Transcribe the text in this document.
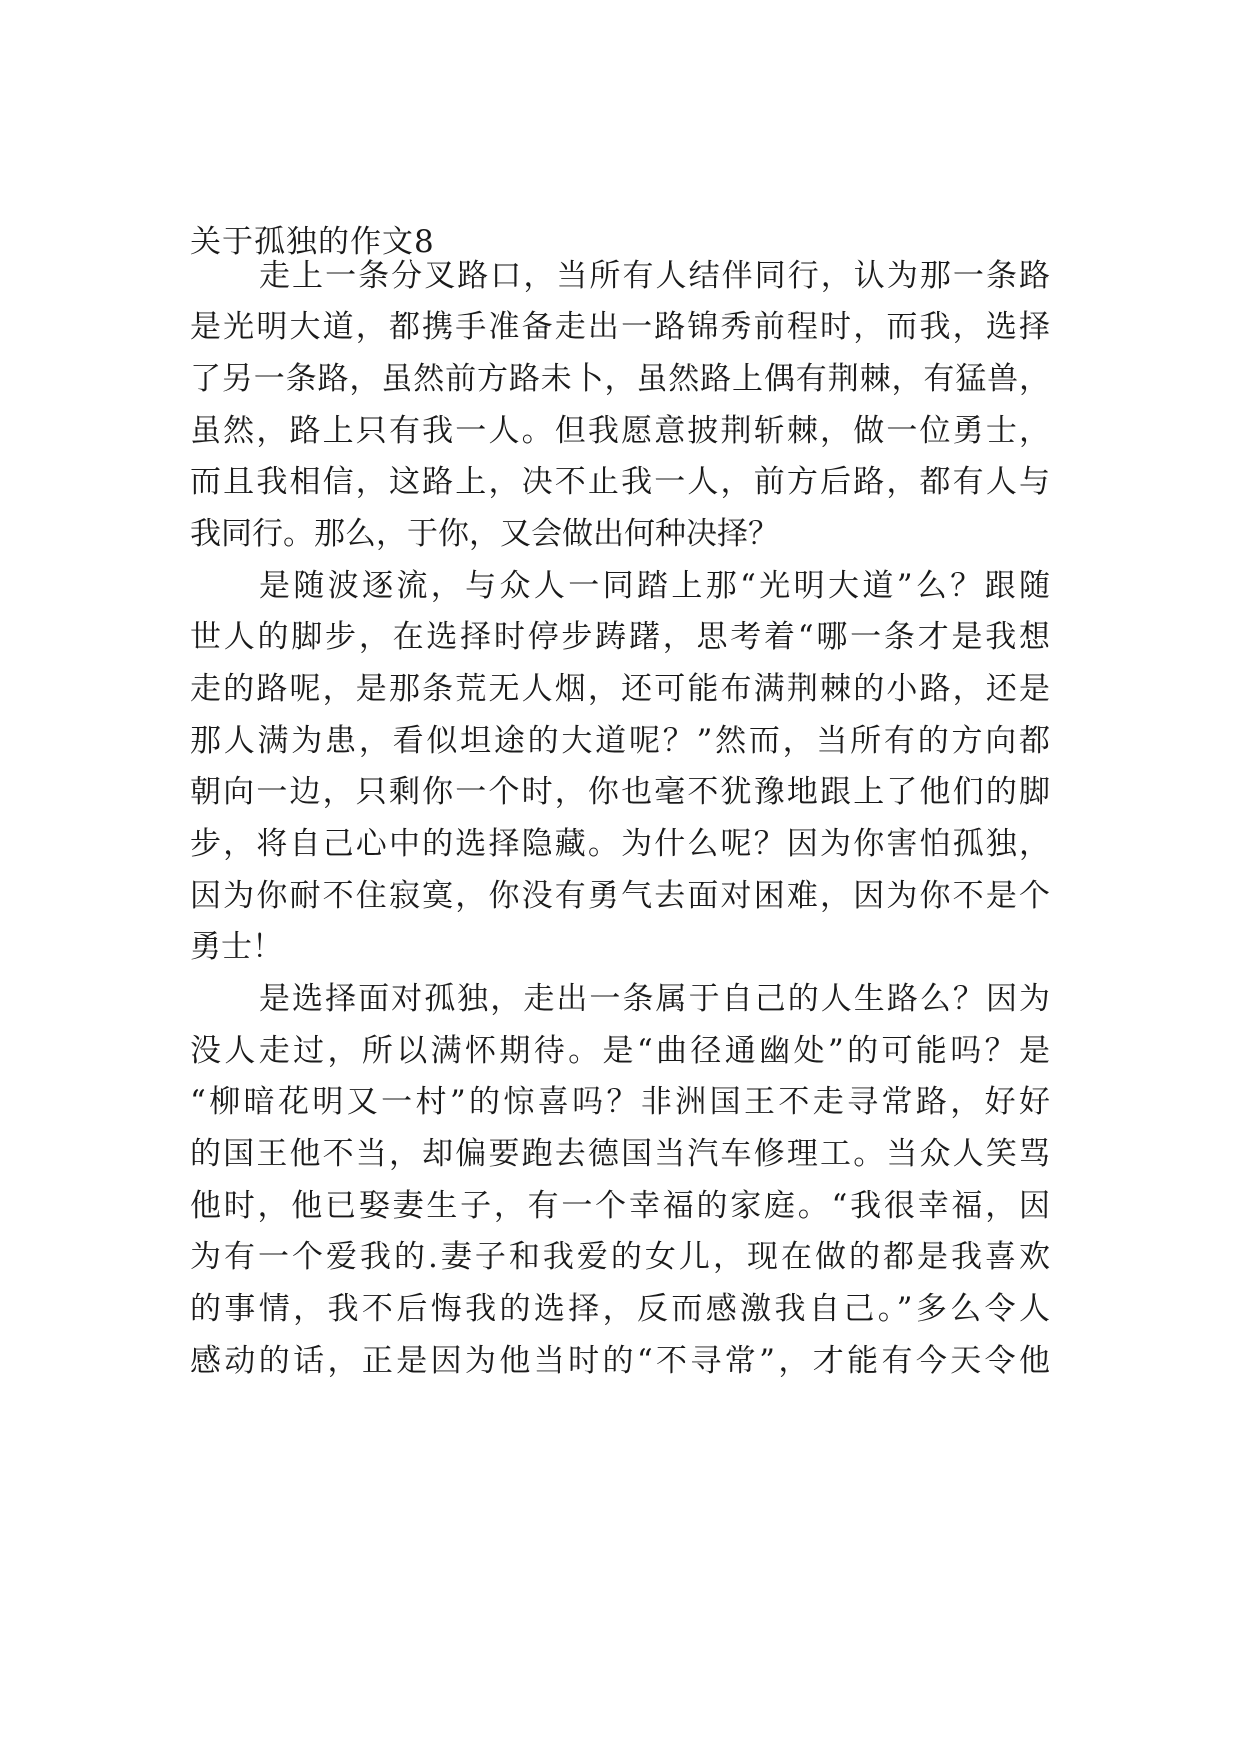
关于孤独的作文8
走上一条分叉路口，当所有人结伴同行，认为那一条路
是光明大道，都携手准备走出一路锦秀前程时，而我，选择
了另一条路，虽然前方路未卜，虽然路上偶有荆棘，有猛兽，
虽然，路上只有我一人。但我愿意披荆斩棘，做一位勇士，
而且我相信，这路上，决不止我一人，前方后路，都有人与
我同行。那么，于你，又会做出何种决择？
是随波逐流，与众人一同踏上那“光明大道”么？跟随
世人的脚步，在选择时停步踌躇，思考着“哪一条才是我想
走的路呢，是那条荒无人烟，还可能布满荆棘的小路，还是
那人满为患，看似坦途的大道呢？”然而，当所有的方向都
朝向一边，只剩你一个时，你也毫不犹豫地跟上了他们的脚
步，将自己心中的选择隐藏。为什么呢？因为你害怕孤独，
因为你耐不住寂寞，你没有勇气去面对困难，因为你不是个
勇士！
是选择面对孤独，走出一条属于自己的人生路么？因为
没人走过，所以满怀期待。是“曲径通幽处”的可能吗？是
“柳暗花明又一村”的惊喜吗？非洲国王不走寻常路，好好
的国王他不当，却偏要跑去德国当汽车修理工。当众人笑骂
他时，他已娶妻生子，有一个幸福的家庭。“我很幸福，因
为有一个爱我的.妻子和我爱的女儿，现在做的都是我喜欢
的事情，我不后悔我的选择，反而感激我自己。”多么令人
感动的话，正是因为他当时的“不寻常”，才能有今天令他
